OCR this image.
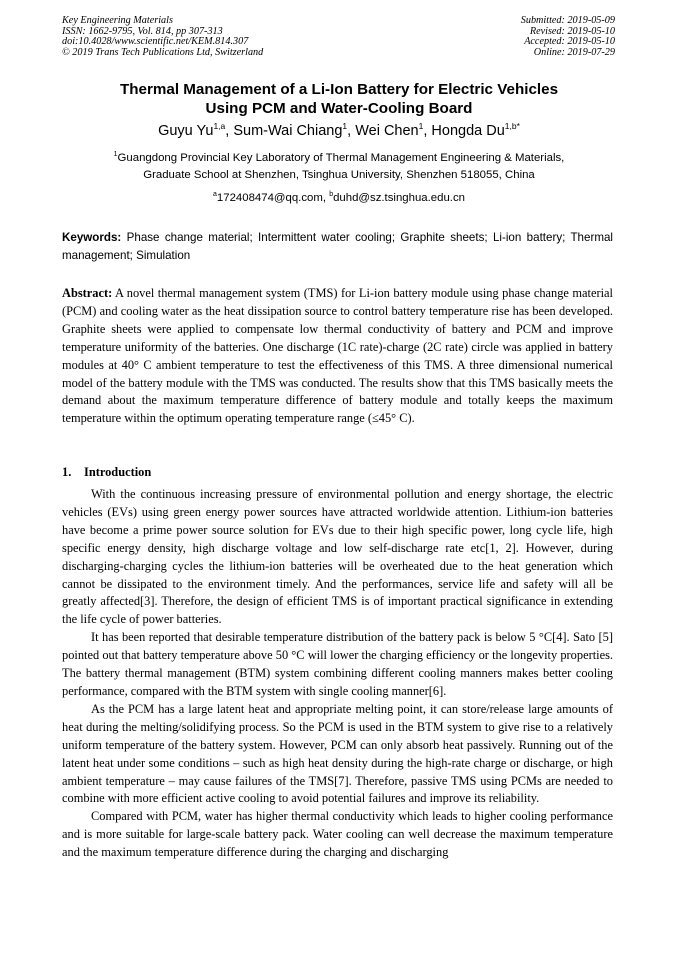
Key Engineering Materials
ISSN: 1662-9795, Vol. 814, pp 307-313
doi:10.4028/www.scientific.net/KEM.814.307
© 2019 Trans Tech Publications Ltd, Switzerland
Submitted: 2019-05-09
Revised: 2019-05-10
Accepted: 2019-05-10
Online: 2019-07-29
Thermal Management of a Li-Ion Battery for Electric Vehicles
Using PCM and Water-Cooling Board
Guyu Yu$^{1,a}$, Sum-Wai Chiang$^1$, Wei Chen$^1$, Hongda $Du^{1,b*}$
$^1$Guangdong Provincial Key Laboratory of Thermal Management Engineering & Materials,
Graduate School at Shenzhen, Tsinghua University, Shenzhen 518055, China
$^a$172408474@qq.com, $^b$duhd@sz.tsinghua.edu.cn
Keywords: Phase change material; Intermittent water cooling; Graphite sheets; Li-ion battery; Thermal management; Simulation
Abstract: A novel thermal management system (TMS) for Li-ion battery module using phase change material (PCM) and cooling water as the heat dissipation source to control battery temperature rise has been developed. Graphite sheets were applied to compensate low thermal conductivity of battery and PCM and improve temperature uniformity of the batteries. One discharge (1C rate)-charge (2C rate) circle was applied in battery modules at 40° C ambient temperature to test the effectiveness of this TMS. A three dimensional numerical model of the battery module with the TMS was conducted. The results show that this TMS basically meets the demand about the maximum temperature difference of battery module and totally keeps the maximum temperature within the optimum operating temperature range (≤45° C).
1. Introduction

With the continuous increasing pressure of environmental pollution and energy shortage, the electric vehicles (EVs) using green energy power sources have attracted worldwide attention. Lithium-ion batteries have become a prime power source solution for EVs due to their high specific power, long cycle life, high specific energy density, high discharge voltage and low self-discharge rate etc[1, 2]. However, during discharging-charging cycles the lithium-ion batteries will be overheated due to the heat generation which cannot be dissipated to the environment timely. And the performances, service life and safety will all be greatly affected[3]. Therefore, the design of efficient TMS is of important practical significance in extending the life cycle of power batteries.

It has been reported that desirable temperature distribution of the battery pack is below 5 °C[4]. Sato [5] pointed out that battery temperature above 50 °C will lower the charging efficiency or the longevity properties. The battery thermal management (BTM) system combining different cooling manners makes better cooling performance, compared with the BTM system with single cooling manner[6].

As the PCM has a large latent heat and appropriate melting point, it can store/release large amounts of heat during the melting/solidifying process. So the PCM is used in the BTM system to give rise to a relatively uniform temperature of the battery system. However, PCM can only absorb heat passively. Running out of the latent heat under some conditions – such as high heat density during the high-rate charge or discharge, or high ambient temperature – may cause failures of the TMS[7]. Therefore, passive TMS using PCMs are needed to combine with more efficient active cooling to avoid potential failures and improve its reliability.

Compared with PCM, water has higher thermal conductivity which leads to higher cooling performance and is more suitable for large-scale battery pack. Water cooling can well decrease the maximum temperature and the maximum temperature difference during the charging and discharging
